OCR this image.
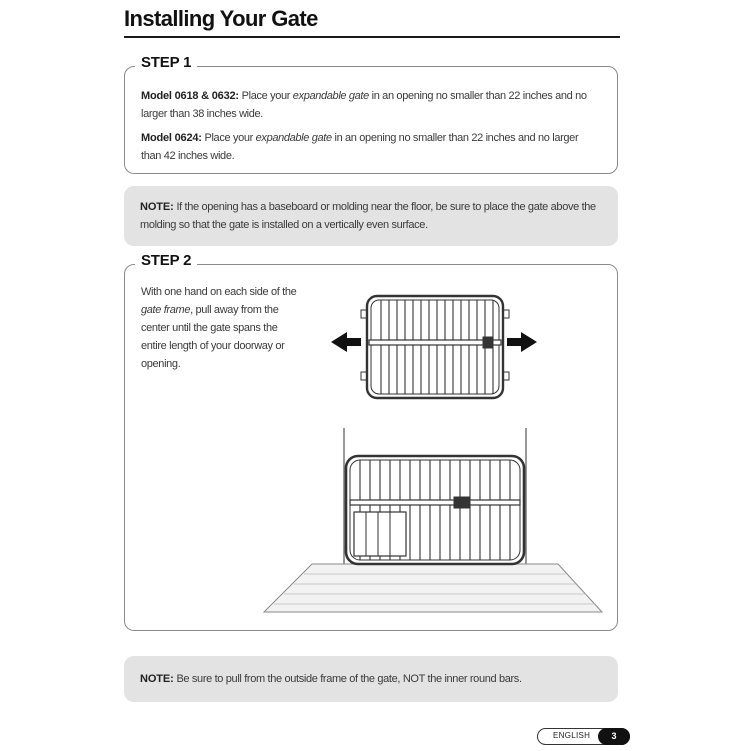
Installing Your Gate
STEP 1
Model 0618 & 0632: Place your expandable gate in an opening no smaller than 22 inches and no larger than 38 inches wide.
Model 0624: Place your expandable gate in an opening no smaller than 22 inches and no larger than 42 inches wide.
NOTE: If the opening has a baseboard or molding near the floor, be sure to place the gate above the molding so that the gate is installed on a vertically even surface.
STEP 2
With one hand on each side of the gate frame, pull away from the center until the gate spans the entire length of your doorway or opening.
NOTE: Be sure to pull from the outside frame of the gate, NOT the inner round bars.
ENGLISH	3
